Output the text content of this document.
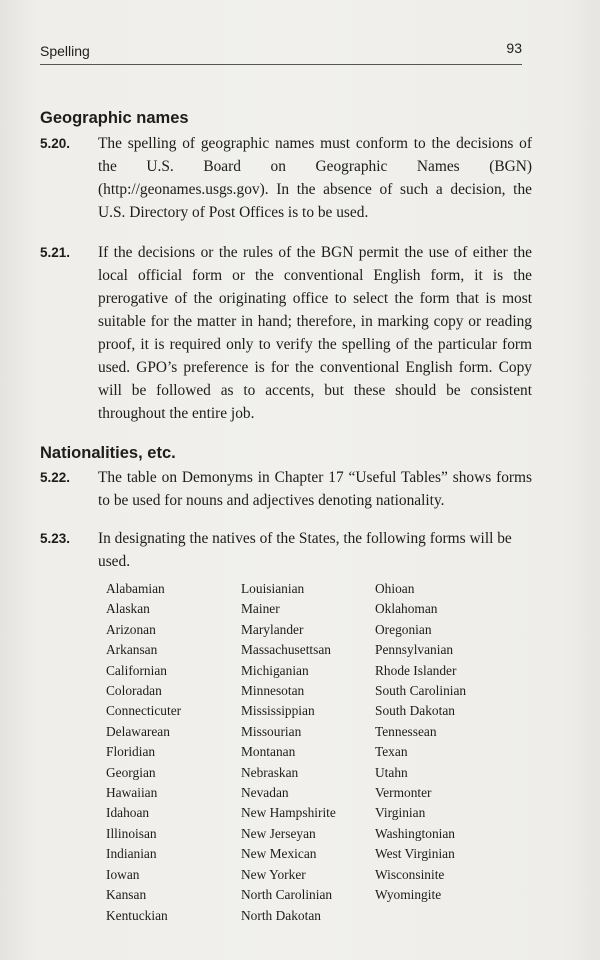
Spelling	93
Geographic names
5.20. The spelling of geographic names must conform to the decisions of the U.S. Board on Geographic Names (BGN) (http://geonames.usgs.gov). In the absence of such a decision, the U.S. Directory of Post Offices is to be used.

5.21. If the decisions or the rules of the BGN permit the use of either the local official form or the conventional English form, it is the prerogative of the originating office to select the form that is most suitable for the matter in hand; therefore, in marking copy or reading proof, it is required only to verify the spelling of the particular form used. GPO’s preference is for the conventional English form. Copy will be followed as to accents, but these should be consistent throughout the entire job.

Nationalities, etc.
5.22. The table on Demonyms in Chapter 17 “Useful Tables” shows forms to be used for nouns and adjectives denoting nationality.

5.23. In designating the natives of the States, the following forms will be used.

Alabamian
Alaskan
Arizonan
Arkansan
Californian
Coloradan
Connecticuter
Delawarean
Floridian
Georgian
Hawaiian
Idahoan
Illinoisan
Indianian
Iowan
Kansan
Kentuckian
Louisianian
Mainer
Marylander
Massachusettsan
Michiganian
Minnesotan
Mississippian
Missourian
Montanan
Nebraskan
Nevadan
New Hampshirite
New Jerseyan
New Mexican
New Yorker
North Carolinian
North Dakotan
Ohioan
Oklahoman
Oregonian
Pennsylvanian
Rhode Islander
South Carolinian
South Dakotan
Tennessean
Texan
Utahn
Vermonter
Virginian
Washingtonian
West Virginian
Wisconsinite
Wyomingite
